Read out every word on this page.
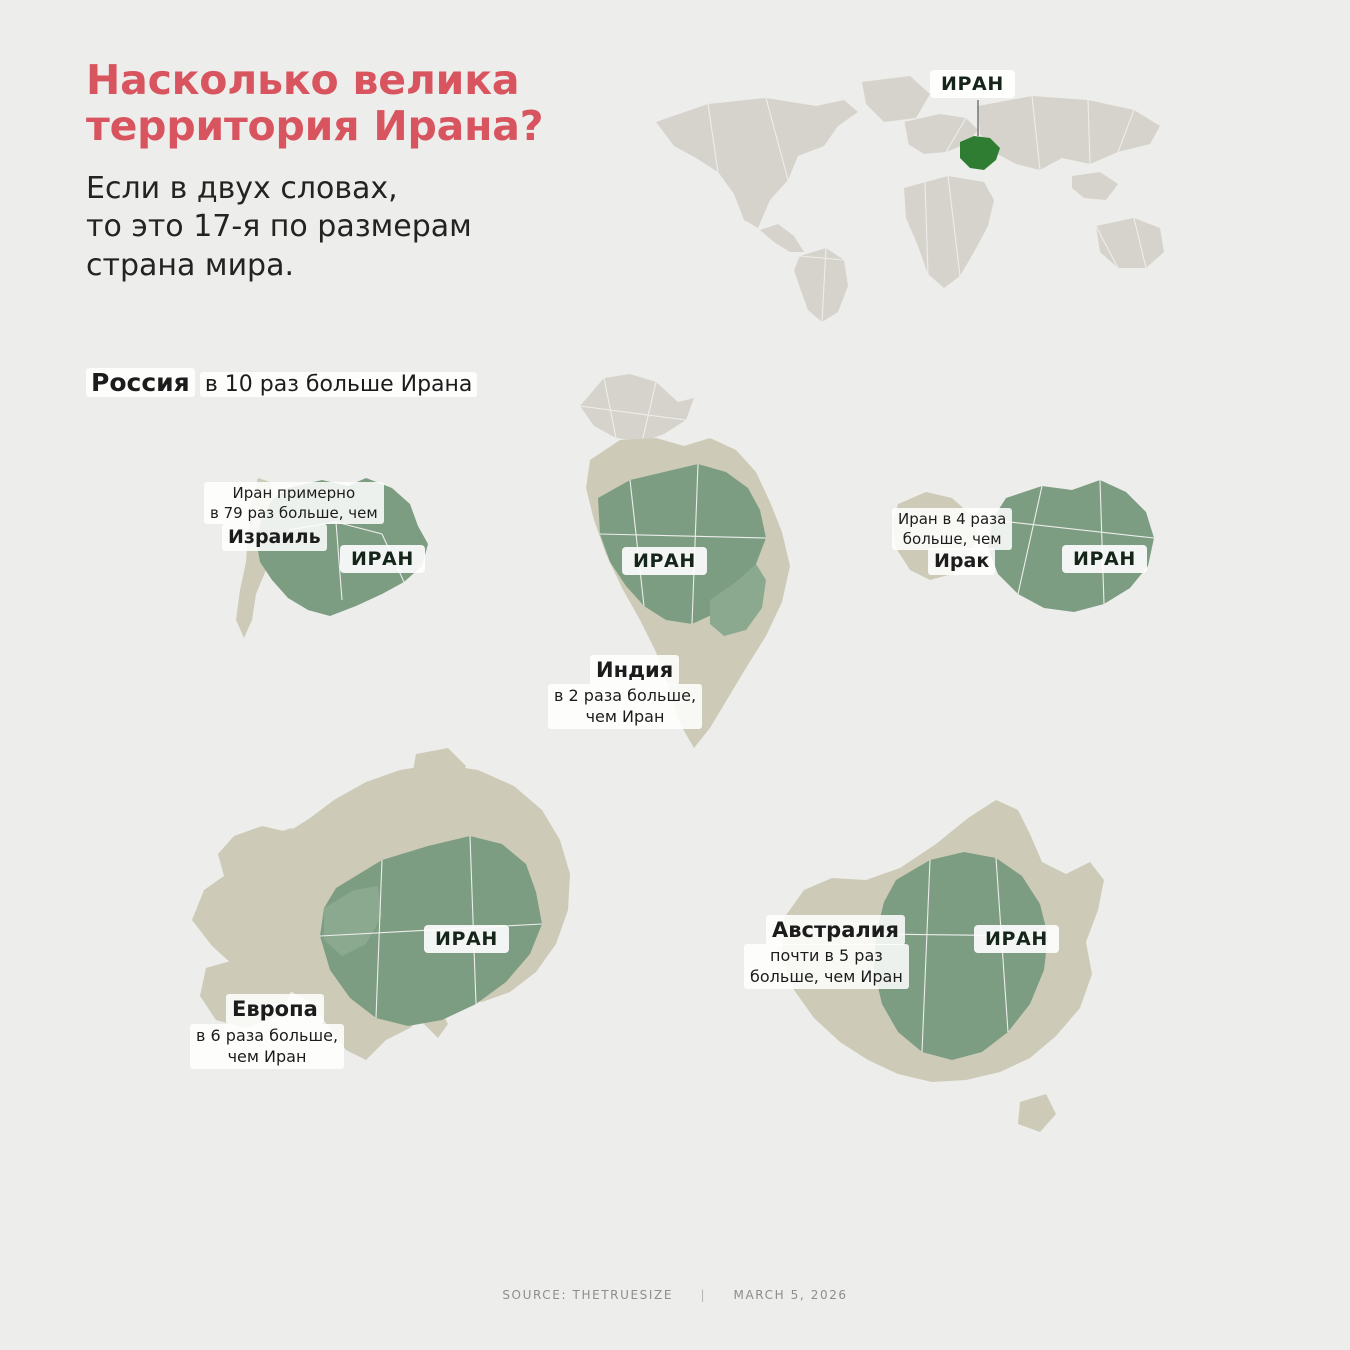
Насколько велика территория Ирана?
Если в двух словах,
то это 17-я по размерам
страна мира.
ИРАН
Россия в 10 раз больше Ирана
Иран примерно
в 79 раз больше, чем
Израиль
ИРАН	ИРАН
Индия
в 2 раза больше,
чем Иран
Иран в 4 раза
больше, чем
Ирак	ИРАН
ИРАН
Европа
в 6 раза больше,
чем Иран
ИРАН
Австралия
почти в 5 раз
больше, чем Иран
SOURCE: THETRUESIZE | MARCH 5, 2026
